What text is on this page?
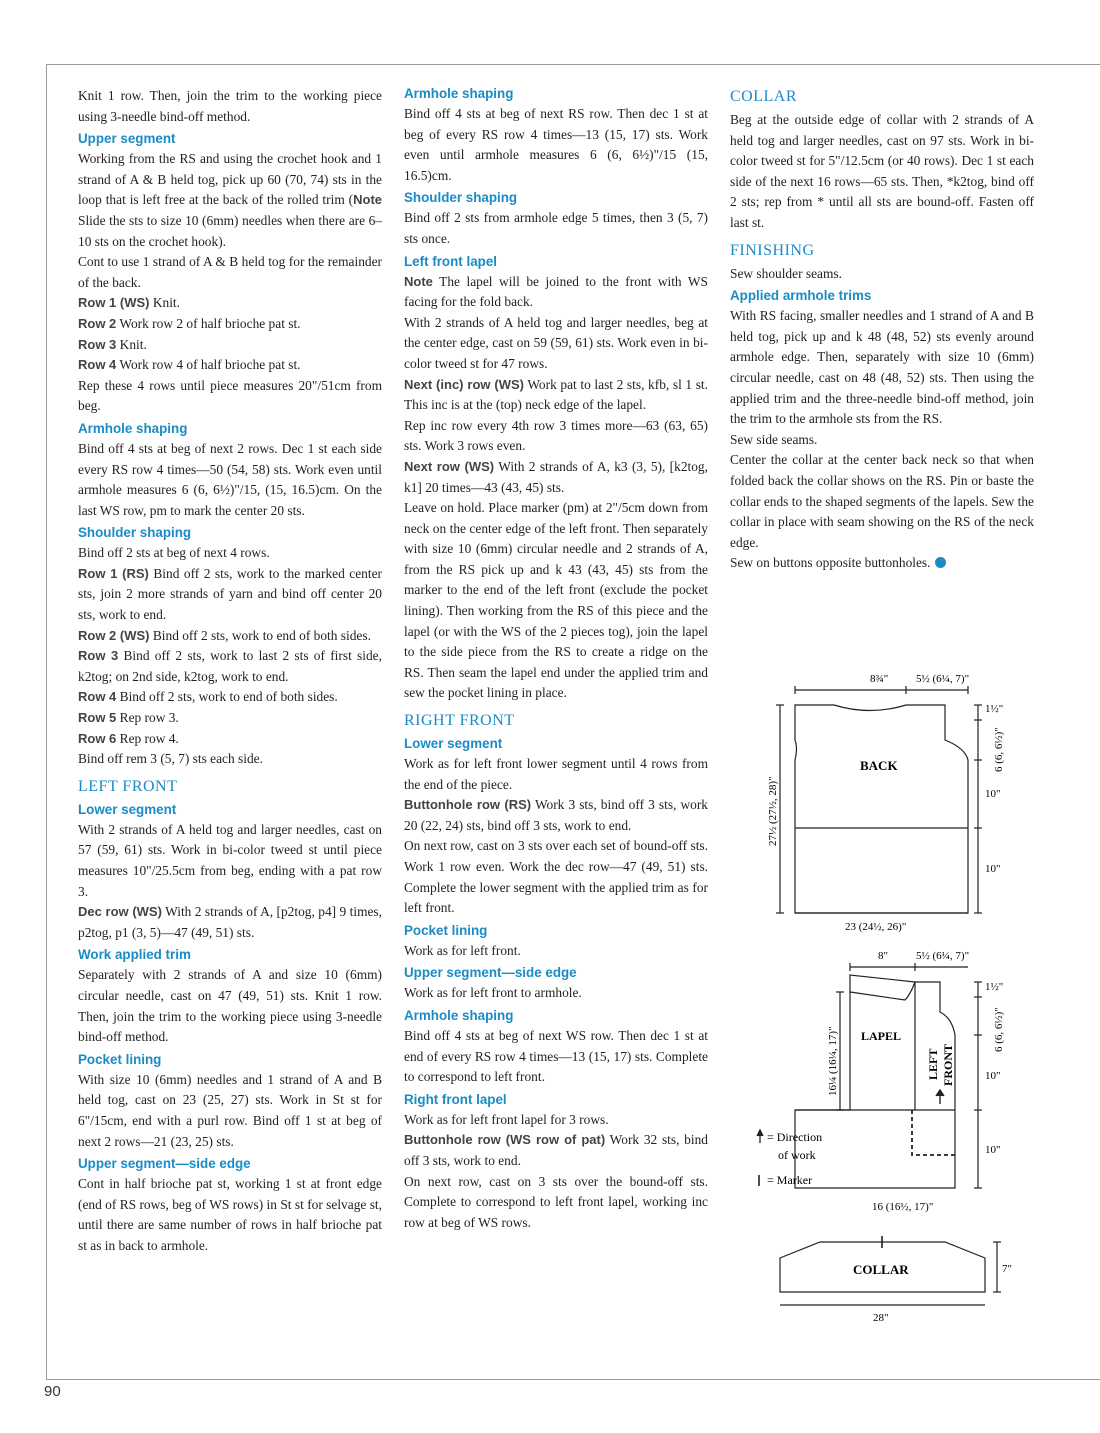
90

Knit 1 row. Then, join the trim to the working piece using 3-needle bind-off method.

Upper segment

Working from the RS and using the crochet hook and 1 strand of A & B held tog, pick up 60 (70, 74) sts in the loop that is left free at the back of the rolled trim (Note Slide the sts to size 10 (6mm) needles when there are 6–10 sts on the crochet hook).

Cont to use 1 strand of A & B held tog for the remainder of the back.

Row 1 (WS) Knit.

Row 2 Work row 2 of half brioche pat st.

Row 3 Knit.

Row 4 Work row 4 of half brioche pat st.

Rep these 4 rows until piece measures 20"/51cm from beg.

Armhole shaping

Bind off 4 sts at beg of next 2 rows. Dec 1 st each side every RS row 4 times—50 (54, 58) sts. Work even until armhole measures 6 (6, 6½)"/15, (15, 16.5)cm. On the last WS row, pm to mark the center 20 sts.

Shoulder shaping

Bind off 2 sts at beg of next 4 rows.

Row 1 (RS) Bind off 2 sts, work to the marked center sts, join 2 more strands of yarn and bind off center 20 sts, work to end.

Row 2 (WS) Bind off 2 sts, work to end of both sides.

Row 3 Bind off 2 sts, work to last 2 sts of first side, k2tog; on 2nd side, k2tog, work to end.

Row 4 Bind off 2 sts, work to end of both sides.

Row 5 Rep row 3.

Row 6 Rep row 4.

Bind off rem 3 (5, 7) sts each side.

LEFT FRONT
Lower segment

With 2 strands of A held tog and larger needles, cast on 57 (59, 61) sts. Work in bi-color tweed st until piece measures 10"/25.5cm from beg, ending with a pat row 3.

Dec row (WS) With 2 strands of A, [p2tog, p4] 9 times, p2tog, p1 (3, 5)—47 (49, 51) sts.

Work applied trim

Separately with 2 strands of A and size 10 (6mm) circular needle, cast on 47 (49, 51) sts. Knit 1 row. Then, join the trim to the working piece using 3-needle bind-off method.

Pocket lining

With size 10 (6mm) needles and 1 strand of A and B held tog, cast on 23 (25, 27) sts. Work in St st for 6"/15cm, end with a purl row. Bind off 1 st at beg of next 2 rows—21 (23, 25) sts.

Upper segment—side edge

Cont in half brioche pat st, working 1 st at front edge (end of RS rows, beg of WS rows) in St st for selvage st, until there are same number of rows in half brioche pat st as in back to armhole.

Armhole shaping

Bind off 4 sts at beg of next RS row. Then dec 1 st at beg of every RS row 4 times—13 (15, 17) sts. Work even until armhole measures 6 (6, 6½)"/15 (15, 16.5)cm.

Shoulder shaping

Bind off 2 sts from armhole edge 5 times, then 3 (5, 7) sts once.

Left front lapel

Note The lapel will be joined to the front with WS facing for the fold back.

With 2 strands of A held tog and larger needles, beg at the center edge, cast on 59 (59, 61) sts. Work even in bi-color tweed st for 47 rows.

Next (inc) row (WS) Work pat to last 2 sts, kfb, sl 1 st. This inc is at the (top) neck edge of the lapel.

Rep inc row every 4th row 3 times more—63 (63, 65) sts. Work 3 rows even.

Next row (WS) With 2 strands of A, k3 (3, 5), [k2tog, k1] 20 times—43 (43, 45) sts.

Leave on hold. Place marker (pm) at 2"/5cm down from neck on the center edge of the left front. Then separately with size 10 (6mm) circular needle and 2 strands of A, from the RS pick up and k 43 (43, 45) sts from the marker to the end of the left front (exclude the pocket lining). Then working from the RS of this piece and the lapel (or with the WS of the 2 pieces tog), join the lapel to the side piece from the RS to create a ridge on the RS. Then seam the lapel end under the applied trim and sew the pocket lining in place.

RIGHT FRONT
Lower segment

Work as for left front lower segment until 4 rows from the end of the piece.

Buttonhole row (RS) Work 3 sts, bind off 3 sts, work 20 (22, 24) sts, bind off 3 sts, work to end.

On next row, cast on 3 sts over each set of bound-off sts. Work 1 row even. Work the dec row—47 (49, 51) sts. Complete the lower segment with the applied trim as for left front.

Pocket lining

Work as for left front.

Upper segment—side edge

Work as for left front to armhole.

Armhole shaping

Bind off 4 sts at beg of next WS row. Then dec 1 st at end of every RS row 4 times—13 (15, 17) sts. Complete to correspond to left front.

Right front lapel

Work as for left front lapel for 3 rows.

Buttonhole row (WS row of pat) Work 32 sts, bind off 3 sts, work to end.

On next row, cast on 3 sts over the bound-off sts. Complete to correspond to left front lapel, working inc row at beg of WS rows.

COLLAR

Beg at the outside edge of collar with 2 strands of A held tog and larger needles, cast on 97 sts. Work in bi-color tweed st for 5"/12.5cm (or 40 rows). Dec 1 st each side of the next 16 rows—65 sts. Then, *k2tog, bind off 2 sts; rep from * until all sts are bound-off. Fasten off last st.

FINISHING

Sew shoulder seams.

Applied armhole trims

With RS facing, smaller needles and 1 strand of A and B held tog, pick up and k 48 (48, 52) sts evenly around armhole edge. Then, separately with size 10 (6mm) circular needle, cast on 48 (48, 52) sts. Then using the applied trim and the three-needle bind-off method, join the trim to the armhole sts from the RS.

Sew side seams.

Center the collar at the center back neck so that when folded back the collar shows on the RS. Pin or baste the collar ends to the shaped segments of the lapels. Sew the collar in place with seam showing on the RS of the neck edge.

Sew on buttons opposite buttonholes.

BACK
8¾"	5½ (6¼, 7)"
1½"
6 (6, 6½)"
10"
10"
27½ (27½, 28)"
23 (24½, 26)"
LAPEL
LEFT FRONT
8"	5½ (6¼, 7)"
1½"
6 (6, 6½)"
10"
10"
16¼ (16¼, 17)"
16 (16½, 17)"
= Direction
of work
= Marker
COLLAR	7"
28"
